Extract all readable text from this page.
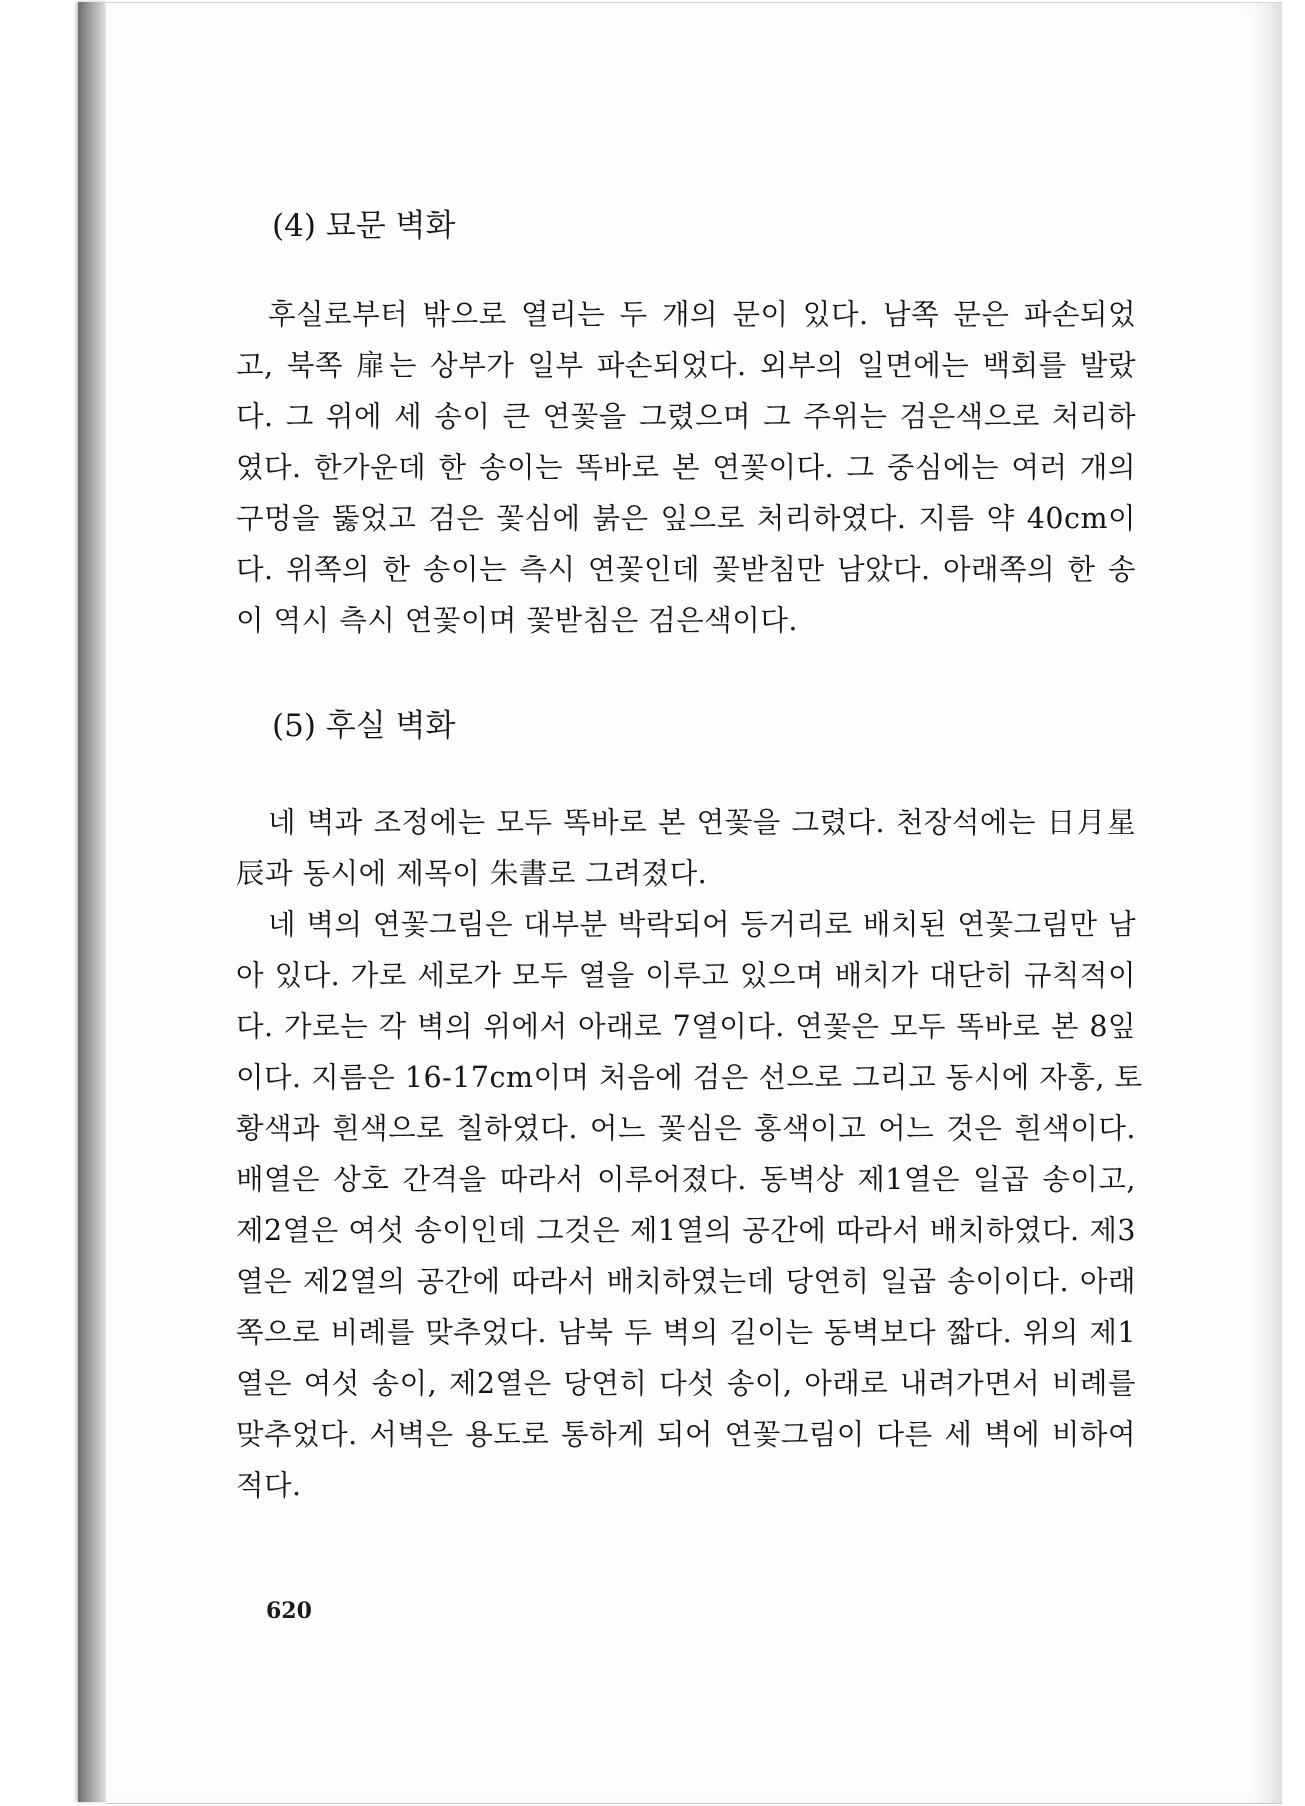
(4) 묘문 벽화
후실로부터 밖으로 열리는 두 개의 문이 있다. 남쪽 문은 파손되었
고, 북쪽 扉는 상부가 일부 파손되었다. 외부의 일면에는 백회를 발랐
다. 그 위에 세 송이 큰 연꽃을 그렸으며 그 주위는 검은색으로 처리하
였다. 한가운데 한 송이는 똑바로 본 연꽃이다. 그 중심에는 여러 개의
구멍을 뚫었고 검은 꽃심에 붉은 잎으로 처리하였다. 지름 약 40cm이
다. 위쪽의 한 송이는 측시 연꽃인데 꽃받침만 남았다. 아래쪽의 한 송
이 역시 측시 연꽃이며 꽃받침은 검은색이다.
(5) 후실 벽화
네 벽과 조정에는 모두 똑바로 본 연꽃을 그렸다. 천장석에는 日月星
辰과 동시에 제목이 朱書로 그려졌다.
네 벽의 연꽃그림은 대부분 박락되어 등거리로 배치된 연꽃그림만 남
아 있다. 가로 세로가 모두 열을 이루고 있으며 배치가 대단히 규칙적이
다. 가로는 각 벽의 위에서 아래로 7열이다. 연꽃은 모두 똑바로 본 8잎
이다. 지름은 16-17cm이며 처음에 검은 선으로 그리고 동시에 자홍, 토
황색과 흰색으로 칠하였다. 어느 꽃심은 홍색이고 어느 것은 흰색이다.
배열은 상호 간격을 따라서 이루어졌다. 동벽상 제1열은 일곱 송이고,
제2열은 여섯 송이인데 그것은 제1열의 공간에 따라서 배치하였다. 제3
열은 제2열의 공간에 따라서 배치하였는데 당연히 일곱 송이이다. 아래
쪽으로 비례를 맞추었다. 남북 두 벽의 길이는 동벽보다 짧다. 위의 제1
열은 여섯 송이, 제2열은 당연히 다섯 송이, 아래로 내려가면서 비례를
맞추었다. 서벽은 용도로 통하게 되어 연꽃그림이 다른 세 벽에 비하여
적다.
620
